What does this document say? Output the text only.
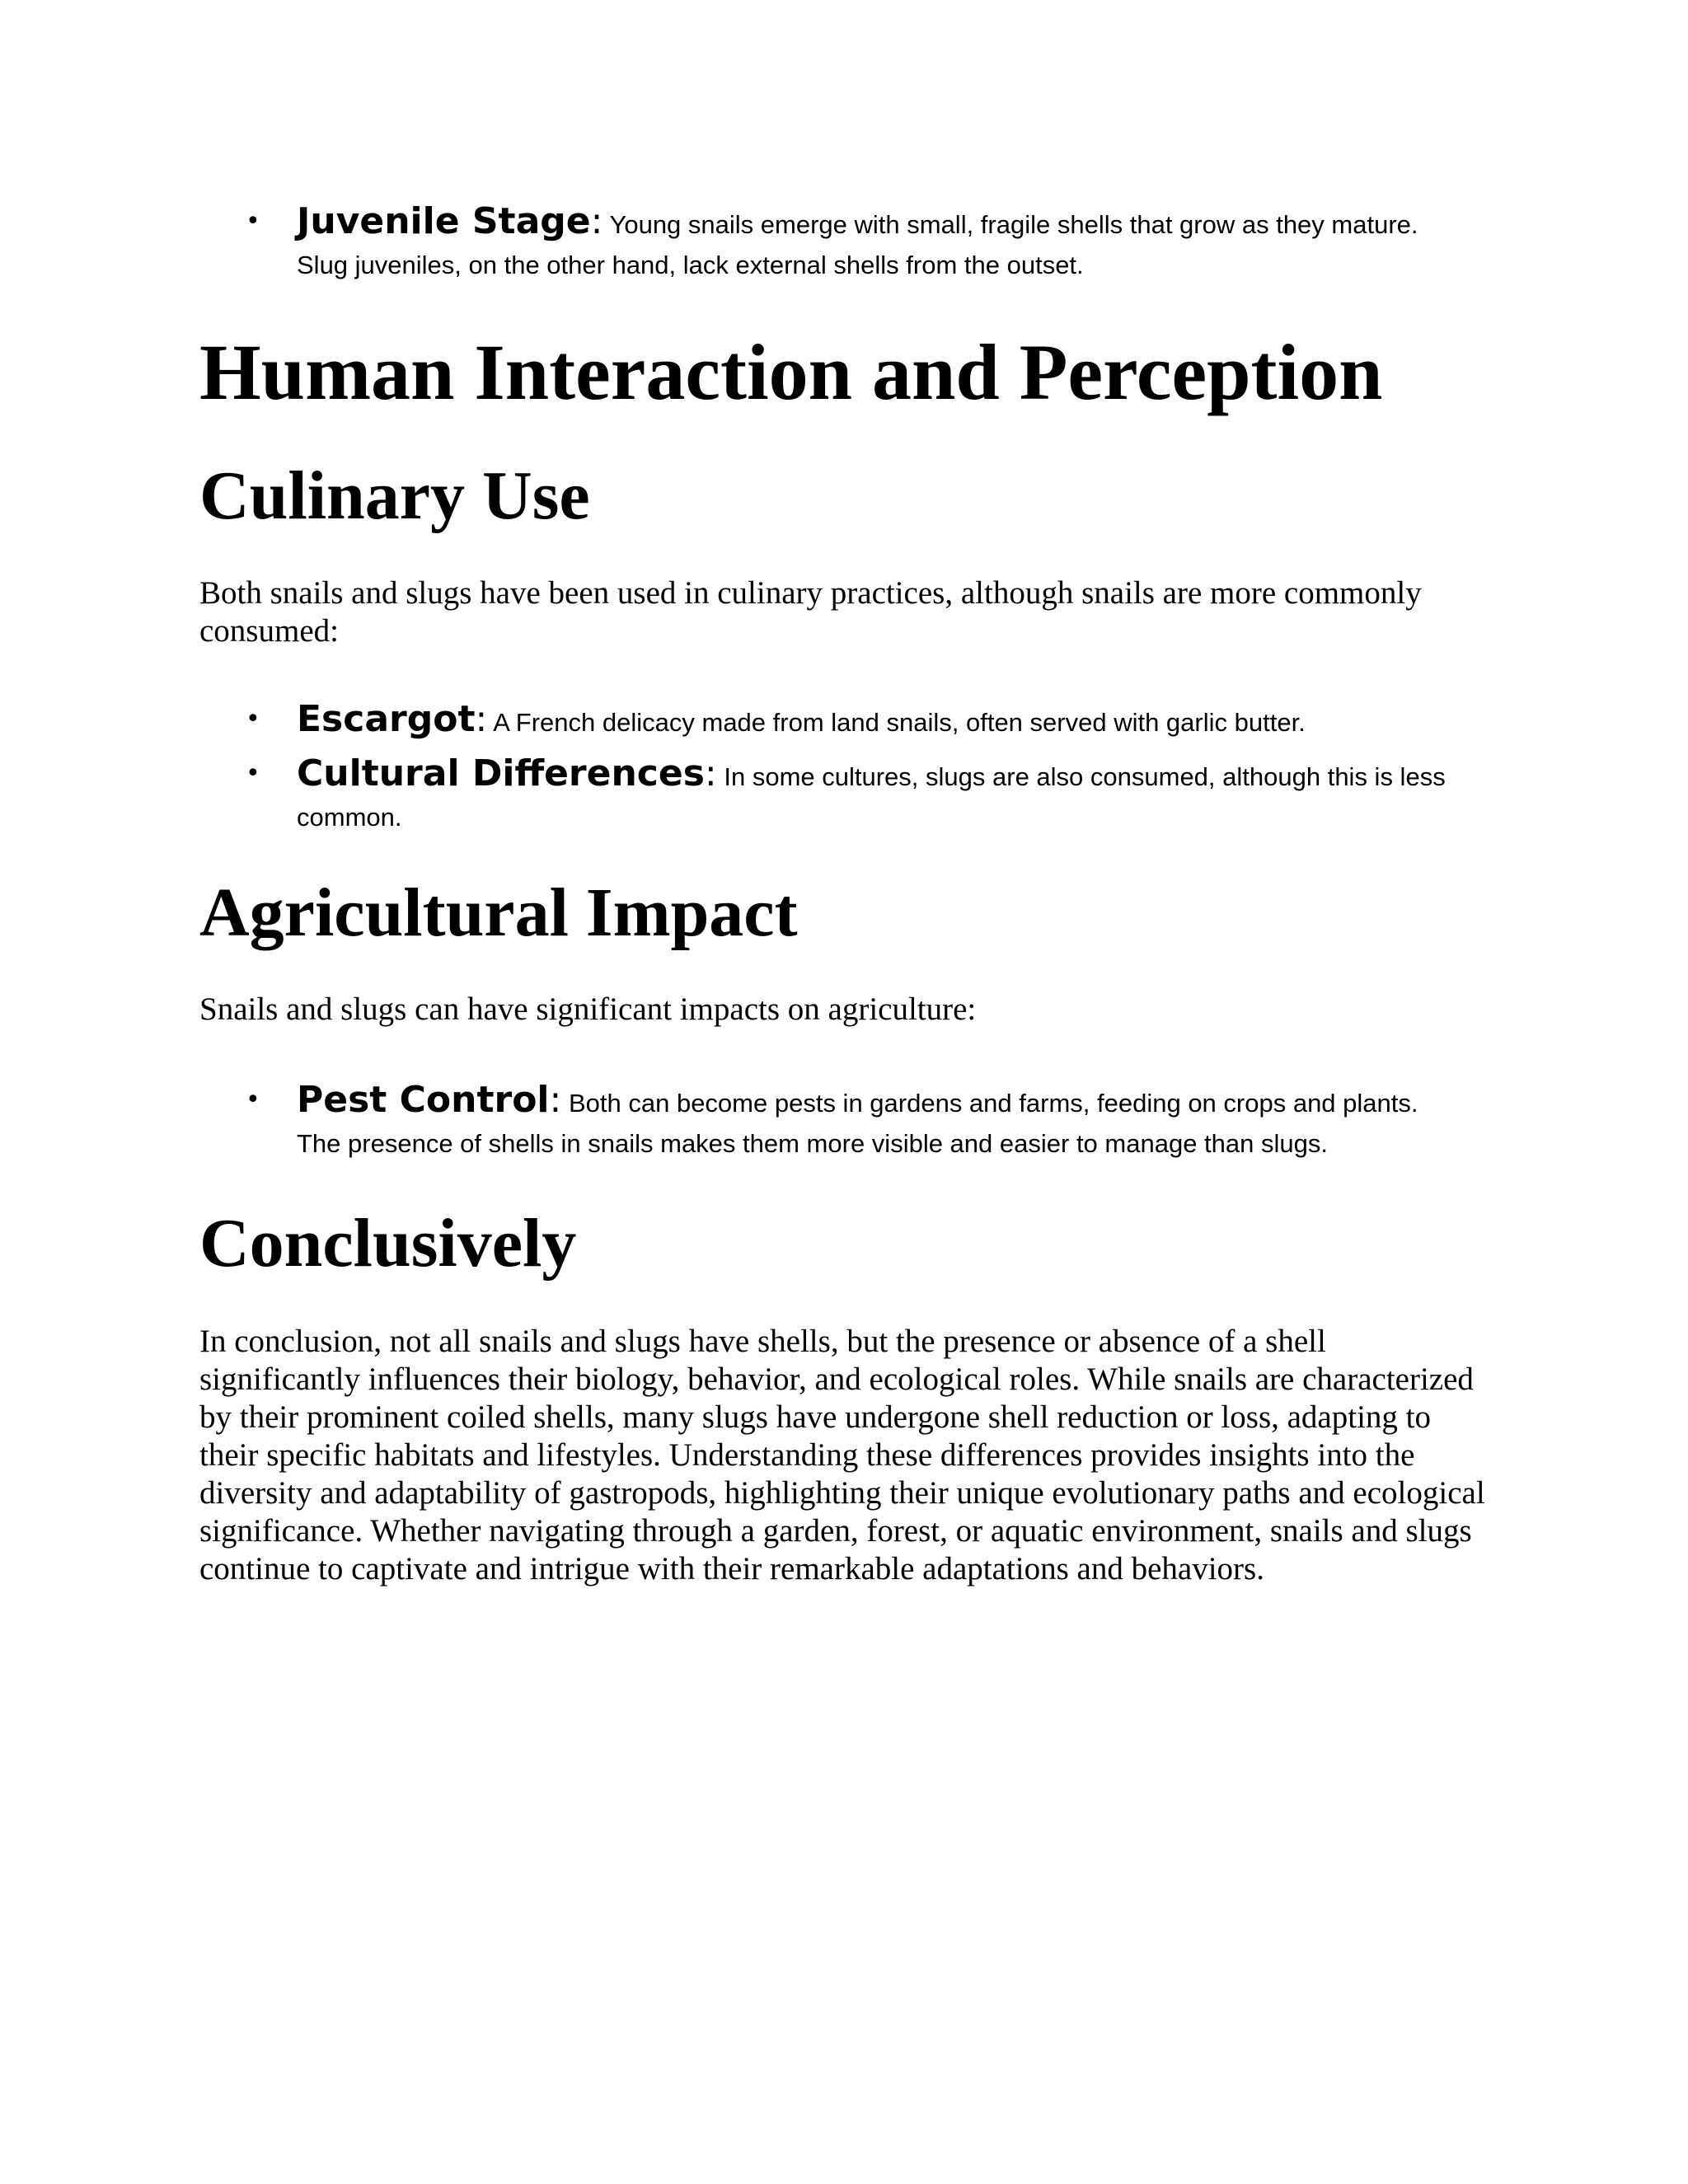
• Juvenile Stage: Young snails emerge with small, fragile shells that grow as they mature. Slug juveniles, on the other hand, lack external shells from the outset.
Human Interaction and Perception
Culinary Use

Both snails and slugs have been used in culinary practices, although snails are more commonly consumed:

• Escargot: A French delicacy made from land snails, often served with garlic butter.
• Cultural Differences: In some cultures, slugs are also consumed, although this is less common.
Agricultural Impact

Snails and slugs can have significant impacts on agriculture:

• Pest Control: Both can become pests in gardens and farms, feeding on crops and plants. The presence of shells in snails makes them more visible and easier to manage than slugs.
Conclusively

In conclusion, not all snails and slugs have shells, but the presence or absence of a shell significantly influences their biology, behavior, and ecological roles. While snails are characterized by their prominent coiled shells, many slugs have undergone shell reduction or loss, adapting to their specific habitats and lifestyles. Understanding these differences provides insights into the diversity and adaptability of gastropods, highlighting their unique evolutionary paths and ecological significance. Whether navigating through a garden, forest, or aquatic environment, snails and slugs continue to captivate and intrigue with their remarkable adaptations and behaviors.
